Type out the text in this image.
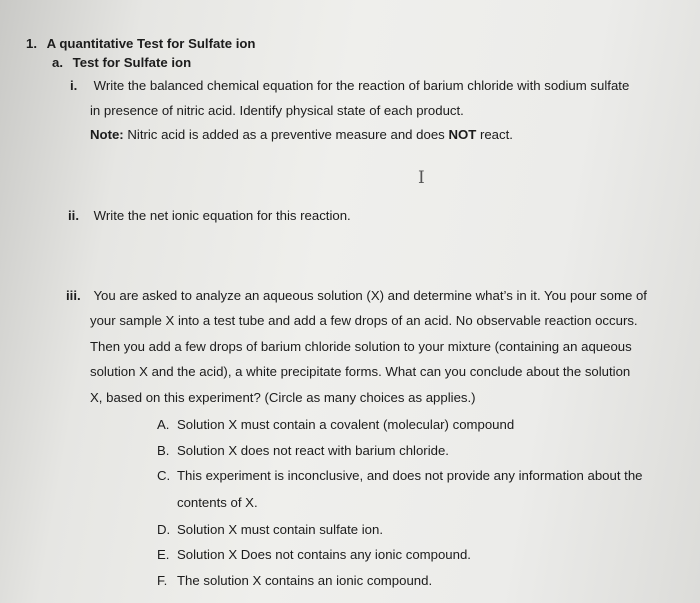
1. A quantitative Test for Sulfate ion
a. Test for Sulfate ion
i. Write the balanced chemical equation for the reaction of barium chloride with sodium sulfate
in presence of nitric acid. Identify physical state of each product.
Note: Nitric acid is added as a preventive measure and does NOT react.
I
ii. Write the net ionic equation for this reaction.
iii. You are asked to analyze an aqueous solution (X) and determine what’s in it. You pour some of
your sample X into a test tube and add a few drops of an acid. No observable reaction occurs.
Then you add a few drops of barium chloride solution to your mixture (containing an aqueous
solution X and the acid), a white precipitate forms. What can you conclude about the solution
X, based on this experiment? (Circle as many choices as applies.)
A. Solution X must contain a covalent (molecular) compound
B. Solution X does not react with barium chloride.
C. This experiment is inconclusive, and does not provide any information about the
contents of X.
D. Solution X must contain sulfate ion.
E. Solution X Does not contains any ionic compound.
F. The solution X contains an ionic compound.
